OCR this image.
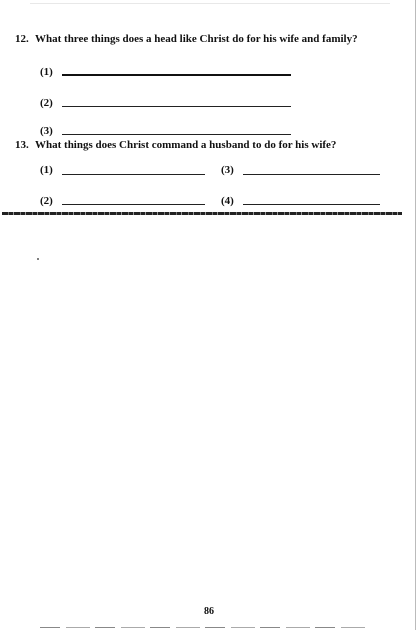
12. What three things does a head like Christ do for his wife and family?
(1)
(2)
(3)
13. What things does Christ command a husband to do for his wife?
(1)	(3)
(2)	(4)
86
